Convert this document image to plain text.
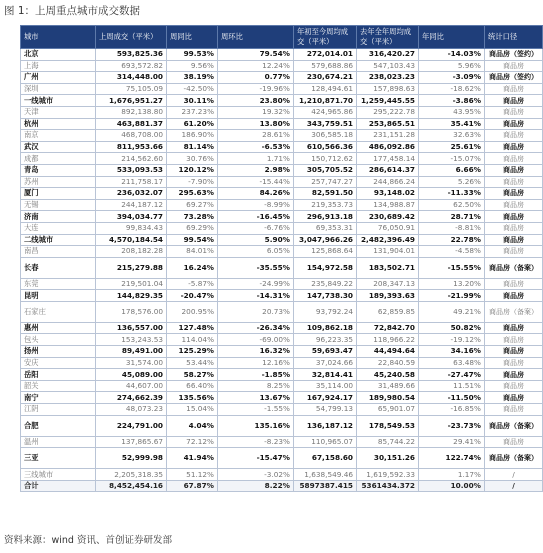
图 1：上周重点城市成交数据
城市	上周成交（平米）	周同比	周环比	年初至今周均成交（平米）	去年全年周均成交（平米）	年同比	统计口径
北京	593,825.36	99.53%	79.54%	272,014.01	316,420.27	-14.03%	商品房（签约）
上海	693,572.82	9.56%	12.24%	579,688.86	547,103.43	5.96%	商品房
广州	314,448.00	38.19%	0.77%	230,674.21	238,023.23	-3.09%	商品房（签约）
深圳	75,105.09	-42.50%	-19.96%	128,494.61	157,898.63	-18.62%	商品房
一线城市	1,676,951.27	30.11%	23.80%	1,210,871.70	1,259,445.55	-3.86%	商品房
天津	892,138.80	237.23%	19.32%	424,965.86	295,222.78	43.95%	商品房
杭州	463,881.37	61.20%	13.80%	343,759.51	253,865.51	35.41%	商品房
南京	468,708.00	186.90%	28.61%	306,585.18	231,151.28	32.63%	商品房
武汉	811,953.66	81.14%	-6.53%	610,566.36	486,092.86	25.61%	商品房
成都	214,562.60	30.76%	1.71%	150,712.62	177,458.14	-15.07%	商品房
青岛	533,093.53	120.12%	2.98%	305,705.52	286,614.37	6.66%	商品房
苏州	211,758.17	-7.90%	-15.44%	257,747.27	244,866.24	5.26%	商品房
厦门	236,032.07	295.63%	84.26%	82,591.50	93,148.02	-11.33%	商品房
无锡	244,187.12	69.27%	-8.99%	219,353.73	134,988.87	62.50%	商品房
济南	394,034.77	73.28%	-16.45%	296,913.18	230,689.42	28.71%	商品房
大连	99,834.43	69.29%	-6.76%	69,353.31	76,050.91	-8.81%	商品房
二线城市	4,570,184.54	99.54%	5.90%	3,047,966.26	2,482,396.49	22.78%	商品房
南昌	208,182.28	84.01%	6.05%	125,868.64	131,904.01	-4.58%	商品房
长春	215,279.88	16.24%	-35.55%	154,972.58	183,502.71	-15.55%	商品房（备案）
东莞	219,501.04	-5.87%	-24.99%	235,849.22	208,347.13	13.20%	商品房
昆明	144,829.35	-20.47%	-14.31%	147,738.30	189,393.63	-21.99%	商品房
石家庄	178,576.00	200.95%	20.73%	93,792.24	62,859.85	49.21%	商品房（备案）
惠州	136,557.00	127.48%	-26.34%	109,862.18	72,842.70	50.82%	商品房
包头	153,243.53	114.04%	-69.00%	96,223.35	118,966.22	-19.12%	商品房
扬州	89,491.00	125.29%	16.32%	59,693.47	44,494.64	34.16%	商品房
安庆	31,574.00	53.44%	12.16%	37,024.66	22,840.59	63.48%	商品房
岳阳	45,089.00	58.27%	-1.85%	32,814.41	45,240.58	-27.47%	商品房
韶关	44,607.00	66.40%	8.25%	35,114.00	31,489.66	11.51%	商品房
南宁	274,662.39	135.56%	13.67%	167,924.17	189,980.54	-11.50%	商品房
江阴	48,073.23	15.04%	-1.55%	54,799.13	65,901.07	-16.85%	商品房
合肥	224,791.00	4.04%	135.16%	136,187.12	178,549.53	-23.73%	商品房（备案）
温州	137,865.67	72.12%	-8.23%	110,965.07	85,744.22	29.41%	商品房
三亚	52,999.98	41.94%	-15.47%	67,158.60	30,151.26	122.74%	商品房（备案）
三线城市	2,205,318.35	51.12%	-3.02%	1,638,549.46	1,619,592.33	1.17%	/
合计	8,452,454.16	67.87%	8.22%	5897387.415	5361434.372	10.00%	/
资料来源：wind 资讯、首创证券研发部
